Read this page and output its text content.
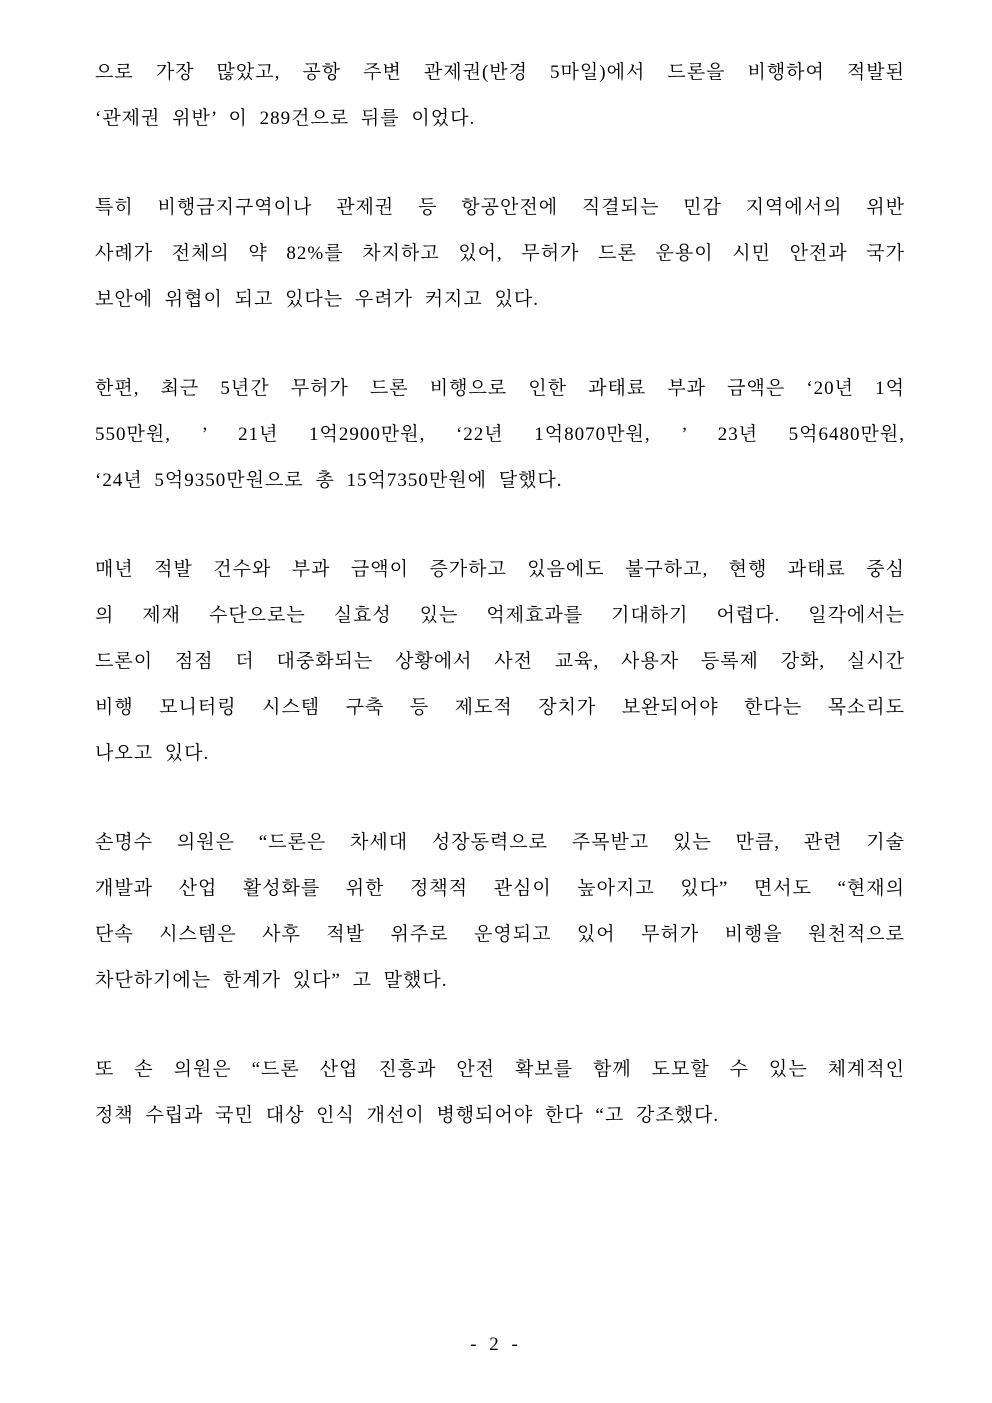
으로 가장 많았고, 공항 주변 관제권(반경 5마일)에서 드론을 비행하여 적발된
‘관제권 위반’ 이 289건으로 뒤를 이었다.

특히 비행금지구역이나 관제권 등 항공안전에 직결되는 민감 지역에서의 위반
사례가 전체의 약 82%를 차지하고 있어, 무허가 드론 운용이 시민 안전과 국가
보안에 위협이 되고 있다는 우려가 커지고 있다.

한편, 최근 5년간 무허가 드론 비행으로 인한 과태료 부과 금액은 ‘20년 1억
550만원, ’ 21년 1억2900만원, ‘22년 1억8070만원, ’ 23년 5억6480만원,
‘24년 5억9350만원으로 총 15억7350만원에 달했다.

매년 적발 건수와 부과 금액이 증가하고 있음에도 불구하고, 현행 과태료 중심
의 제재 수단으로는 실효성 있는 억제효과를 기대하기 어렵다. 일각에서는
드론이 점점 더 대중화되는 상황에서 사전 교육, 사용자 등록제 강화, 실시간
비행 모니터링 시스템 구축 등 제도적 장치가 보완되어야 한다는 목소리도
나오고 있다.

손명수 의원은 “드론은 차세대 성장동력으로 주목받고 있는 만큼, 관련 기술
개발과 산업 활성화를 위한 정책적 관심이 높아지고 있다” 면서도 “현재의
단속 시스템은 사후 적발 위주로 운영되고 있어 무허가 비행을 원천적으로
차단하기에는 한계가 있다” 고 말했다.

또 손 의원은 “드론 산업 진흥과 안전 확보를 함께 도모할 수 있는 체계적인
정책 수립과 국민 대상 인식 개선이 병행되어야 한다 “고 강조했다.

- 2 -
